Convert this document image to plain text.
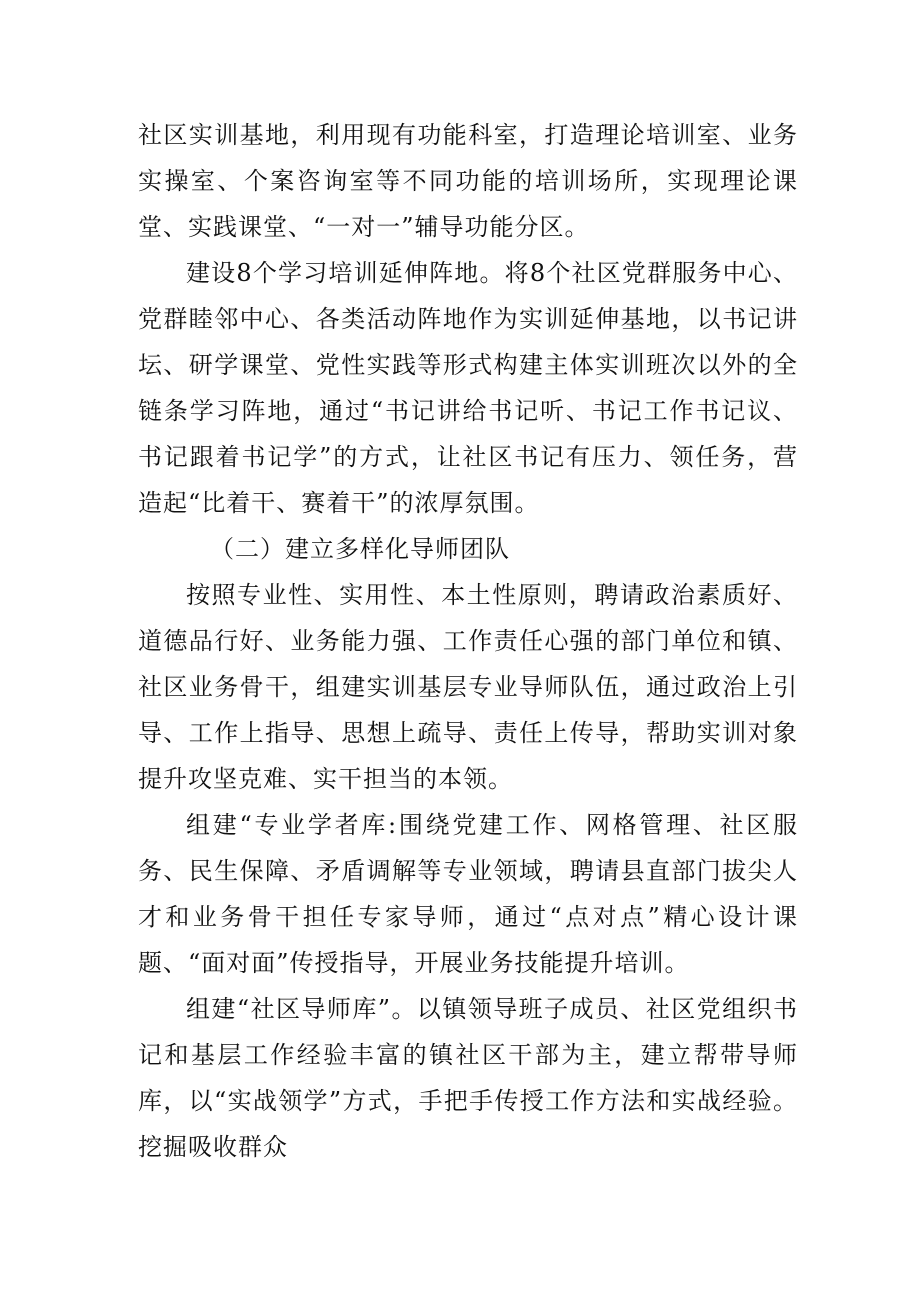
社区实训基地，利用现有功能科室，打造理论培训室、业务实操室、个案咨询室等不同功能的培训场所，实现理论课堂、实践课堂、“一对一”辅导功能分区。

建设8个学习培训延伸阵地。将8个社区党群服务中心、党群睦邻中心、各类活动阵地作为实训延伸基地，以书记讲坛、研学课堂、党性实践等形式构建主体实训班次以外的全链条学习阵地，通过“书记讲给书记听、书记工作书记议、书记跟着书记学”的方式，让社区书记有压力、领任务，营造起“比着干、赛着干”的浓厚氛围。

（二）建立多样化导师团队

按照专业性、实用性、本土性原则，聘请政治素质好、道德品行好、业务能力强、工作责任心强的部门单位和镇、社区业务骨干，组建实训基层专业导师队伍，通过政治上引导、工作上指导、思想上疏导、责任上传导，帮助实训对象提升攻坚克难、实干担当的本领。

组建“专业学者库:围绕党建工作、网格管理、社区服务、民生保障、矛盾调解等专业领域，聘请县直部门拔尖人才和业务骨干担任专家导师，通过“点对点”精心设计课题、“面对面”传授指导，开展业务技能提升培训。

组建“社区导师库”。以镇领导班子成员、社区党组织书记和基层工作经验丰富的镇社区干部为主，建立帮带导师库，以“实战领学”方式，手把手传授工作方法和实战经验。挖掘吸收群众
